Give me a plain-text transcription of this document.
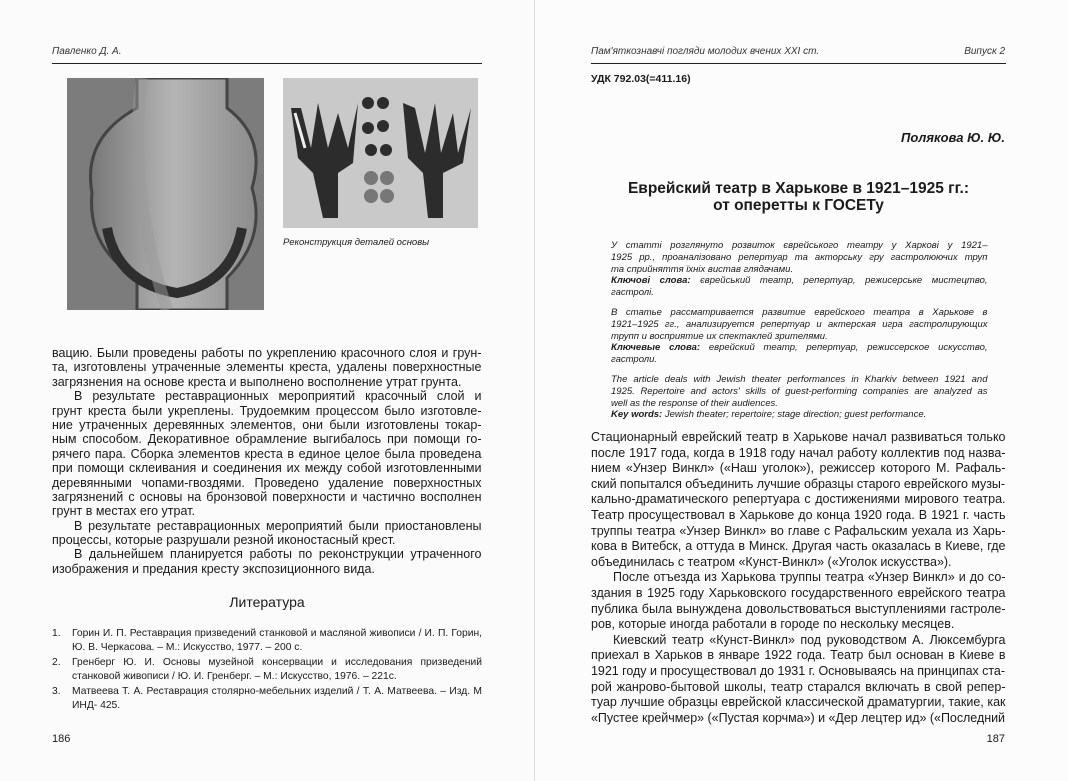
Павленко Д. А.
Реконструкция деталей основы
вацию. Были проведены работы по укреплению красочного слоя и грун-
та, изготовлены утраченные элементы креста, удалены поверхностные
загрязнения на основе креста и выполнено восполнение утрат грунта.
В результате реставрационных мероприятий красочный слой и
грунт креста были укреплены. Трудоемким процессом было изготовле-
ние утраченных деревянных элементов, они были изготовлены токар-
ным способом. Декоративное обрамление выгибалось при помощи го-
рячего пара. Сборка элементов креста в единое целое была проведена
при помощи склеивания и соединения их между собой изготовленными
деревянными чопами-гвоздями. Проведено удаление поверхностных
загрязнений с основы на бронзовой поверхности и частично восполнен
грунт в местах его утрат.
В результате реставрационных мероприятий были приостановлены
процессы, которые разрушали резной иконостасный крест.
В дальнейшем планируется работы по реконструкции утраченного
изображения и предания кресту экспозиционного вида.
Литература
1.	Горин И. П. Реставрация призведений станковой и масляной живописи / И. П. Горин, Ю. В. Черкасова. – М.: Искусство, 1977. – 200 с.
2.	Гренберг Ю. И. Основы музейной консервации и исследования призведений станковой живописи / Ю. И. Гренберг. – М.: Искусство, 1976. – 221с.
3.	Матвеева Т. А. Реставрация столярно-мебельних изделий / Т. А. Матвеева. – Изд. М ИНД- 425.
186
Пам'яткознавчі погляди молодих вчених XXI ст.	Випуск 2
УДК 792.03(=411.16)
Полякова Ю. Ю.
Еврейский театр в Харькове в 1921–1925 гг.:
от оперетты к ГОСЕТу
У статті розглянуто розвиток єврейського театру у Харкові у 1921–
1925 рр., проаналізовано репертуар та акторську гру гастролюючих труп
та сприйняття їхніх вистав глядачами.
Ключові слова: єврейський театр, репертуар, режисерське мистецтво,
гастролі.
В статье рассматривается развитие еврейского театра в Харькове в
1921–1925 гг., анализируется репертуар и актерская игра гастролирующих
трупп и восприятие их спектаклей зрителями.
Ключевые слова: еврейский театр, репертуар, режиссерское искусство,
гастроли.
The article deals with Jewish theater performances in Kharkiv between 1921 and
1925. Repertoire and actors' skills of guest-performing companies are analyzed as
well as the response of their audiences.
Key words: Jewish theater; repertoire; stage direction; guest performance.
Стационарный еврейский театр в Харькове начал развиваться только
после 1917 года, когда в 1918 году начал работу коллектив под назва-
нием «Унзер Винкл» («Наш уголок»), режиссер которого М. Рафаль-
ский попытался объединить лучшие образцы старого еврейского музы-
кально-драматического репертуара с достижениями мирового театра.
Театр просуществовал в Харькове до конца 1920 года. В 1921 г. часть
труппы театра «Унзер Винкл» во главе с Рафальским уехала из Харь-
кова в Витебск, а оттуда в Минск. Другая часть оказалась в Киеве, где
объединилась с театром «Кунст-Винкл» («Уголок искусства»).
После отъезда из Харькова труппы театра «Унзер Винкл» и до со-
здания в 1925 году Харьковского государственного еврейского театра
публика была вынуждена довольствоваться выступлениями гастроле-
ров, которые иногда работали в городе по нескольку месяцев.
Киевский театр «Кунст-Винкл» под руководством А. Люксембурга
приехал в Харьков в январе 1922 года. Театр был основан в Киеве в
1921 году и просуществовал до 1931 г. Основываясь на принципах ста-
рой жанрово-бытовой школы, театр старался включать в свой репер-
туар лучшие образцы еврейской классической драматургии, такие, как
«Пустее крейчмер» («Пустая корчма») и «Дер лецтер ид» («Последний
187
